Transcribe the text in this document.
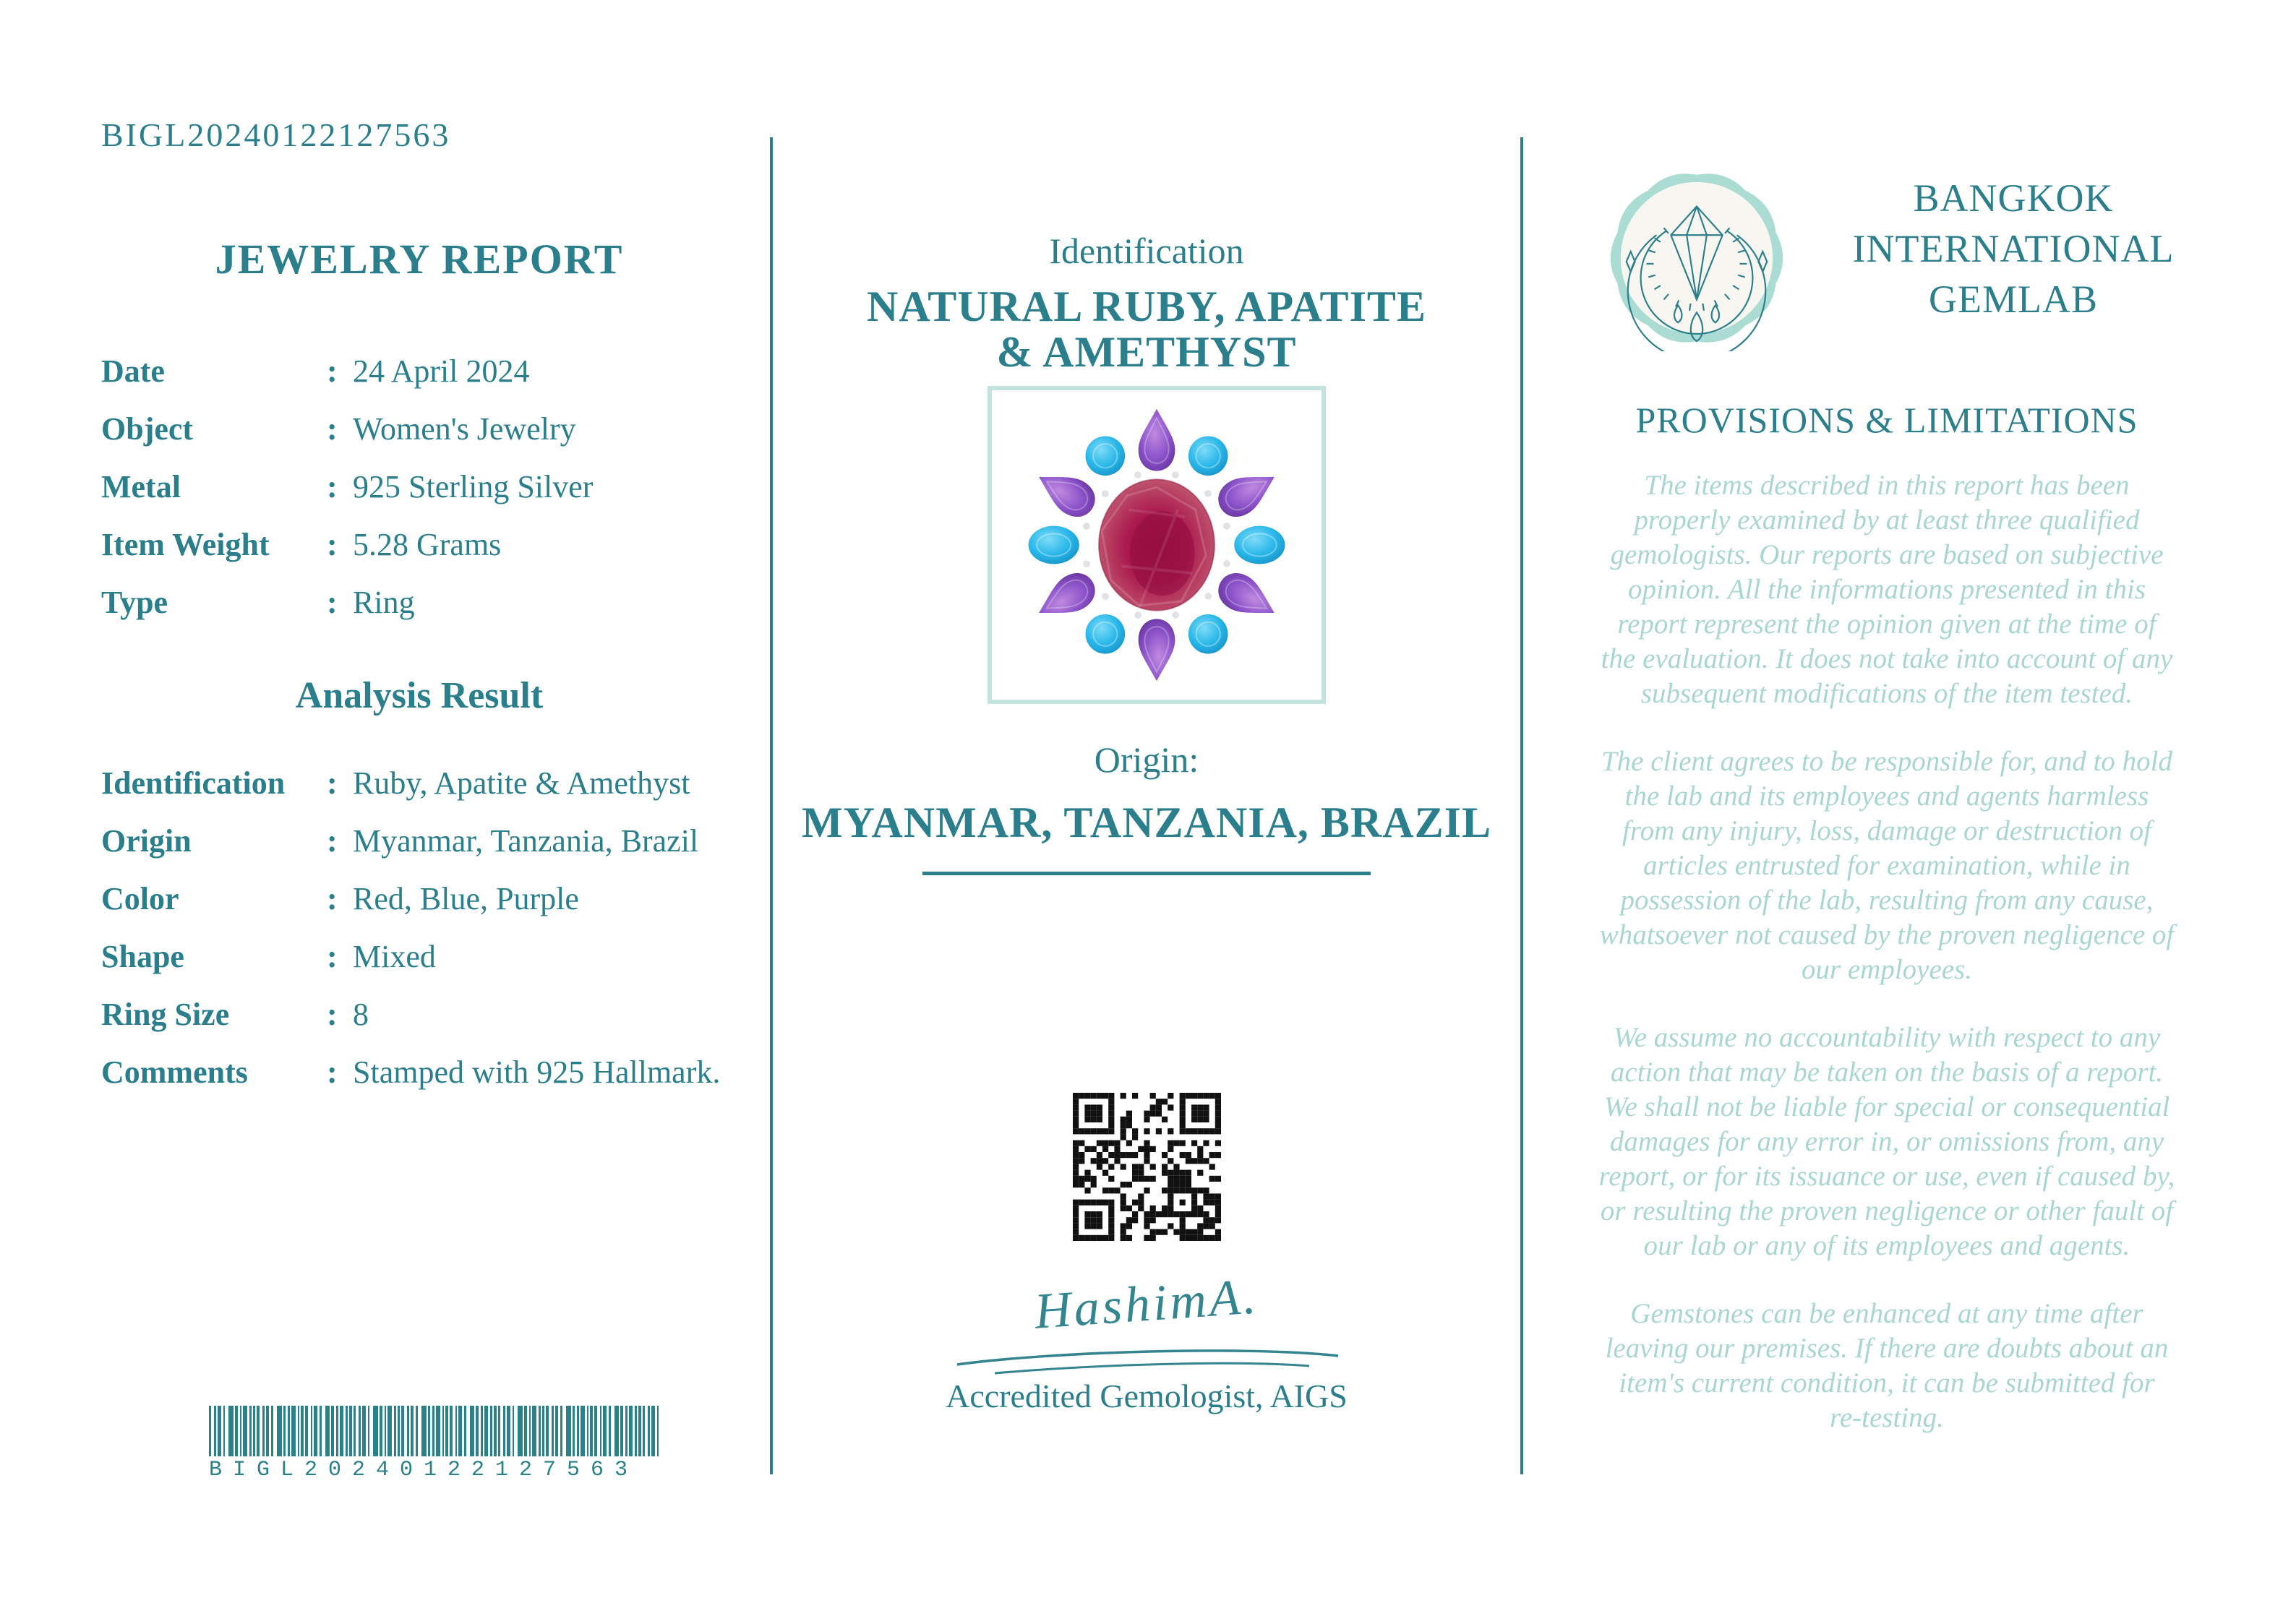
BIGL20240122127563
JEWELRY REPORT
Date	: 24 April 2024
Object	: Women's Jewelry
Metal	: 925 Sterling Silver
Item Weight	: 5.28 Grams
Type	: Ring
Analysis Result
Identification	: Ruby, Apatite & Amethyst
Origin	: Myanmar, Tanzania, Brazil
Color	: Red, Blue, Purple
Shape	: Mixed
Ring Size	: 8
Comments	: Stamped with 925 Hallmark.
BIGL20240122127563
Identification
NATURAL RUBY, APATITE
& AMETHYST
Origin:
MYANMAR, TANZANIA, BRAZIL
HashimA.
Accredited Gemologist, AIGS
BANGKOK
INTERNATIONAL
GEMLAB
PROVISIONS & LIMITATIONS

The items described in this report has been
properly examined by at least three qualified
gemologists. Our reports are based on subjective
opinion. All the informations presented in this
report represent the opinion given at the time of
the evaluation. It does not take into account of any
subsequent modifications of the item tested.

The client agrees to be responsible for, and to hold
the lab and its employees and agents harmless
from any injury, loss, damage or destruction of
articles entrusted for examination, while in
possession of the lab, resulting from any cause,
whatsoever not caused by the proven negligence of
our employees.

We assume no accountability with respect to any
action that may be taken on the basis of a report.
We shall not be liable for special or consequential
damages for any error in, or omissions from, any
report, or for its issuance or use, even if caused by,
or resulting the proven negligence or other fault of
our lab or any of its employees and agents.

Gemstones can be enhanced at any time after
leaving our premises. If there are doubts about an
item's current condition, it can be submitted for
re-testing.
